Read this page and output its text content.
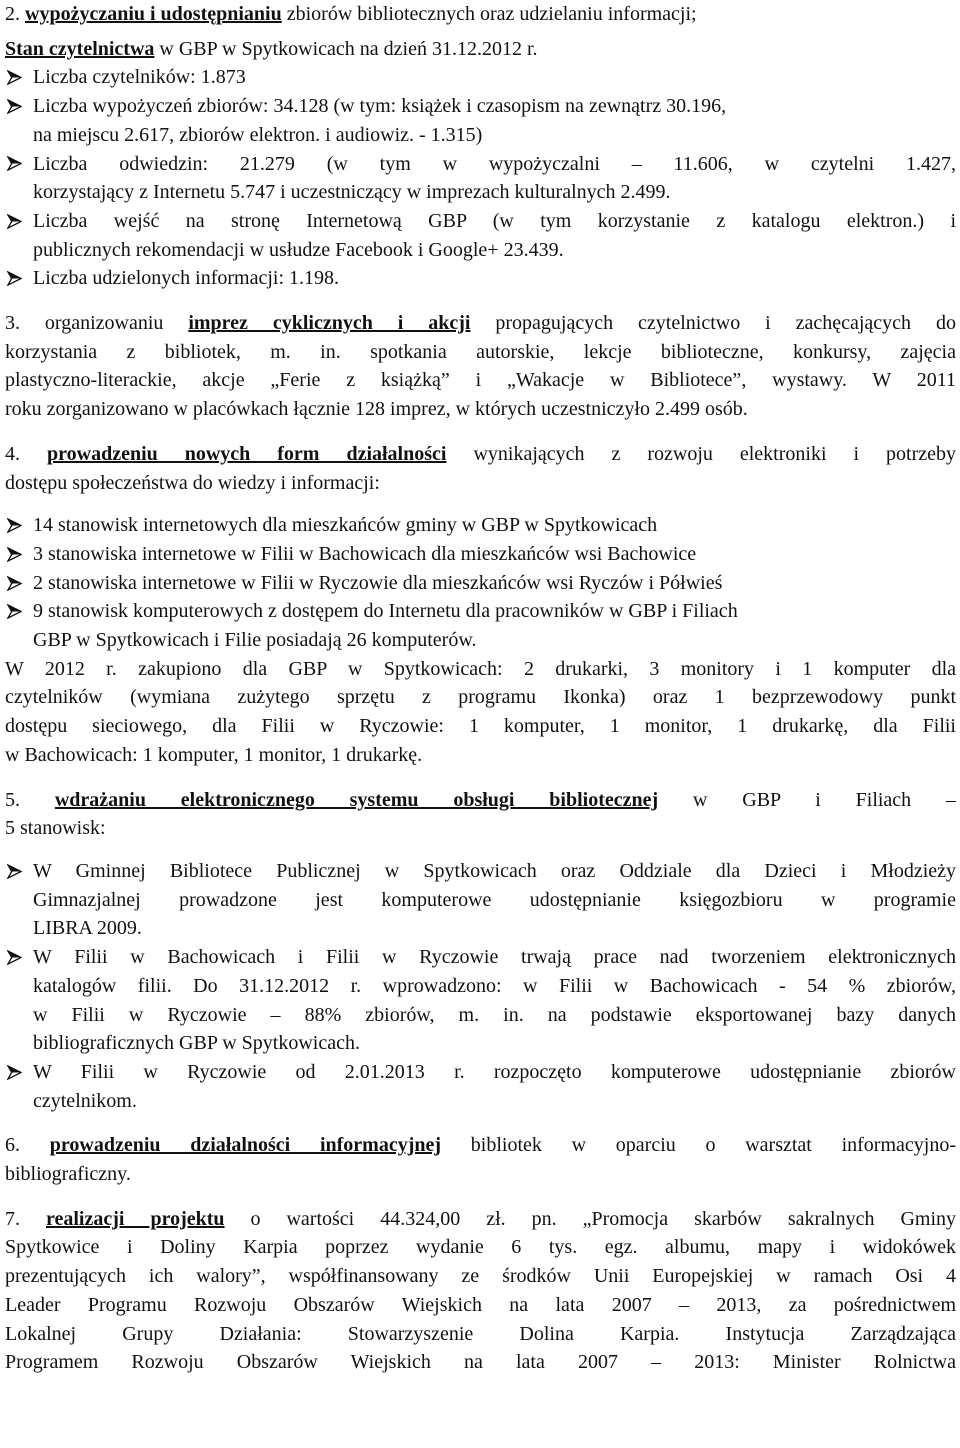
2. wypożyczaniu i udostępnianiu zbiorów bibliotecznych oraz udzielaniu informacji;

Stan czytelnictwa w GBP w Spytkowicach na dzień 31.12.2012 r.

Liczba czytelników: 1.873

Liczba wypożyczeń zbiorów: 34.128 (w tym: książek i czasopism na zewnątrz 30.196,

na miejscu 2.617, zbiorów elektron. i audiowiz. - 1.315)

Liczba odwiedzin: 21.279 (w tym w wypożyczalni – 11.606, w czytelni 1.427,

korzystający z Internetu 5.747 i uczestniczący w imprezach kulturalnych 2.499.

Liczba wejść na stronę Internetową GBP (w tym korzystanie z katalogu elektron.) i

publicznych rekomendacji w usłudze Facebook i Google+ 23.439.

Liczba udzielonych informacji: 1.198.

3. organizowaniu imprez cyklicznych i akcji propagujących czytelnictwo i zachęcających do

korzystania z bibliotek, m. in. spotkania autorskie, lekcje biblioteczne, konkursy, zajęcia

plastyczno-literackie, akcje „Ferie z książką” i „Wakacje w Bibliotece”, wystawy. W 2011

roku zorganizowano w placówkach łącznie 128 imprez, w których uczestniczyło 2.499 osób.

4. prowadzeniu nowych form działalności wynikających z rozwoju elektroniki i potrzeby

dostępu społeczeństwa do wiedzy i informacji:

14 stanowisk internetowych dla mieszkańców gminy w GBP w Spytkowicach

3 stanowiska internetowe w Filii w Bachowicach dla mieszkańców wsi Bachowice

2 stanowiska internetowe w Filii w Ryczowie dla mieszkańców wsi Ryczów i Półwieś

9 stanowisk komputerowych z dostępem do Internetu dla pracowników w GBP i Filiach

GBP w Spytkowicach i Filie posiadają 26 komputerów.

W 2012 r. zakupiono dla GBP w Spytkowicach: 2 drukarki, 3 monitory i 1 komputer dla

czytelników (wymiana zużytego sprzętu z programu Ikonka) oraz 1 bezprzewodowy punkt

dostępu sieciowego, dla Filii w Ryczowie: 1 komputer, 1 monitor, 1 drukarkę, dla Filii

w Bachowicach: 1 komputer, 1 monitor, 1 drukarkę.

5. wdrażaniu elektronicznego systemu obsługi bibliotecznej w GBP i Filiach –

5 stanowisk:

W Gminnej Bibliotece Publicznej w Spytkowicach oraz Oddziale dla Dzieci i Młodzieży

Gimnazjalnej prowadzone jest komputerowe udostępnianie księgozbioru w programie

LIBRA 2009.

W Filii w Bachowicach i Filii w Ryczowie trwają prace nad tworzeniem elektronicznych

katalogów filii. Do 31.12.2012 r. wprowadzono: w Filii w Bachowicach - 54 % zbiorów,

w Filii w Ryczowie – 88% zbiorów, m. in. na podstawie eksportowanej bazy danych

bibliograficznych GBP w Spytkowicach.

W Filii w Ryczowie od 2.01.2013 r. rozpoczęto komputerowe udostępnianie zbiorów

czytelnikom.

6. prowadzeniu działalności informacyjnej bibliotek w oparciu o warsztat informacyjno-

bibliograficzny.

7. realizacji projektu o wartości 44.324,00 zł. pn. „Promocja skarbów sakralnych Gminy

Spytkowice i Doliny Karpia poprzez wydanie 6 tys. egz. albumu, mapy i widokówek

prezentujących ich walory”, współfinansowany ze środków Unii Europejskiej w ramach Osi 4

Leader Programu Rozwoju Obszarów Wiejskich na lata 2007 – 2013, za pośrednictwem

Lokalnej Grupy Działania: Stowarzyszenie Dolina Karpia. Instytucja Zarządzająca

Programem Rozwoju Obszarów Wiejskich na lata 2007 – 2013: Minister Rolnictwa
